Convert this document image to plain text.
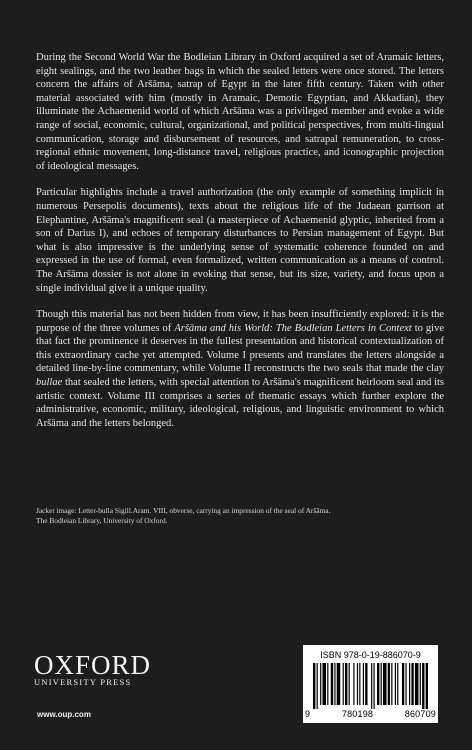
During the Second World War the Bodleian Library in Oxford acquired a set of Aramaic letters, eight sealings, and the two leather bags in which the sealed letters were once stored. The letters concern the affairs of Aršāma, satrap of Egypt in the later fifth century. Taken with other material associated with him (mostly in Aramaic, Demotic Egyptian, and Akkadian), they illuminate the Achaemenid world of which Aršāma was a privileged member and evoke a wide range of social, economic, cultural, organizational, and political perspectives, from multi-lingual communication, storage and disbursement of resources, and satrapal remuneration, to cross-regional ethnic movement, long-distance travel, religious practice, and iconographic projection of ideological messages.

Particular highlights include a travel authorization (the only example of something implicit in numerous Persepolis documents), texts about the religious life of the Judaean garrison at Elephantine, Aršāma's magnificent seal (a masterpiece of Achaemenid glyptic, inherited from a son of Darius I), and echoes of temporary disturbances to Persian management of Egypt. But what is also impressive is the underlying sense of systematic coherence founded on and expressed in the use of formal, even formalized, written communication as a means of control. The Aršāma dossier is not alone in evoking that sense, but its size, variety, and focus upon a single individual give it a unique quality.

Though this material has not been hidden from view, it has been insufficiently explored: it is the purpose of the three volumes of Aršāma and his World: The Bodleian Letters in Context to give that fact the prominence it deserves in the fullest presentation and historical contextualization of this extraordinary cache yet attempted. Volume I presents and translates the letters alongside a detailed line-by-line commentary, while Volume II reconstructs the two seals that made the clay bullae that sealed the letters, with special attention to Aršāma's magnificent heirloom seal and its artistic context. Volume III comprises a series of thematic essays which further explore the administrative, economic, military, ideological, religious, and linguistic environment to which Aršāma and the letters belonged.

Jacket image: Letter-bulla Sigill.Aram. VIII, obverse, carrying an impression of the seal of Aršāma.

The Bodleian Library, University of Oxford.

OXFORD
UNIVERSITY PRESS
www.oup.com
ISBN 978-0-19-886070-9
9	780198	860709
